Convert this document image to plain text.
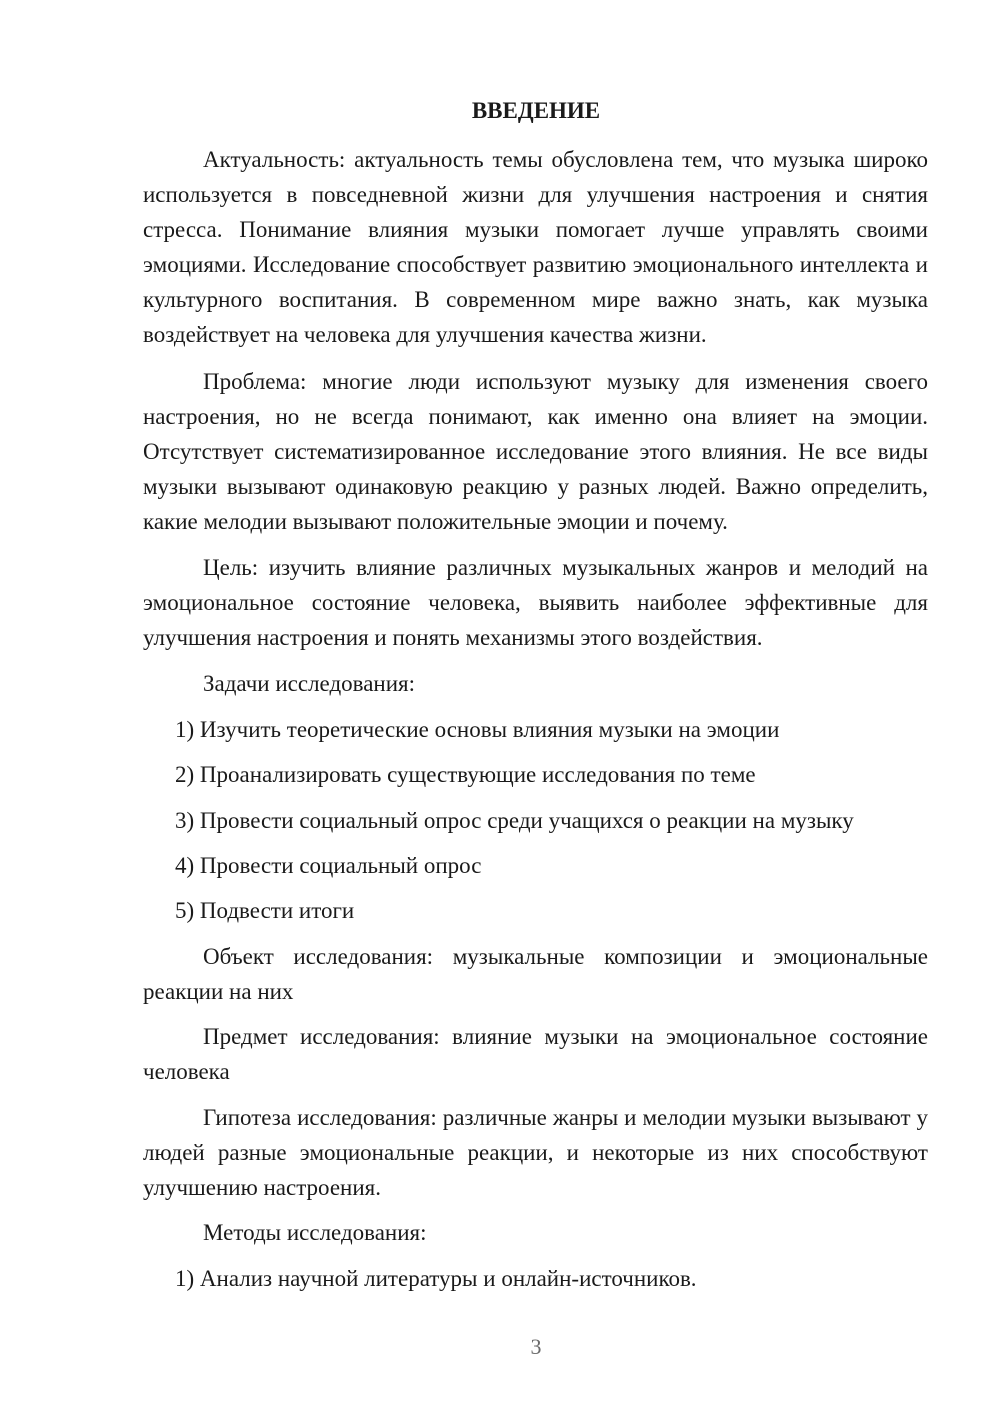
ВВЕДЕНИЕ

Актуальность: актуальность темы обусловлена тем, что музыка широко используется в повседневной жизни для улучшения настроения и снятия стресса. Понимание влияния музыки помогает лучше управлять своими эмоциями. Исследование способствует развитию эмоционального интеллекта и культурного воспитания. В современном мире важно знать, как музыка воздействует на человека для улучшения качества жизни.

Проблема: многие люди используют музыку для изменения своего настроения, но не всегда понимают, как именно она влияет на эмоции. Отсутствует систематизированное исследование этого влияния. Не все виды музыки вызывают одинаковую реакцию у разных людей. Важно определить, какие мелодии вызывают положительные эмоции и почему.

Цель: изучить влияние различных музыкальных жанров и мелодий на эмоциональное состояние человека, выявить наиболее эффективные для улучшения настроения и понять механизмы этого воздействия.

Задачи исследования:

1) Изучить теоретические основы влияния музыки на эмоции

2) Проанализировать существующие исследования по теме

3) Провести социальный опрос среди учащихся о реакции на музыку

4) Провести социальный опрос

5) Подвести итоги

Объект исследования: музыкальные композиции и эмоциональные реакции на них

Предмет исследования: влияние музыки на эмоциональное состояние человека

Гипотеза исследования: различные жанры и мелодии музыки вызывают у людей разные эмоциональные реакции, и некоторые из них способствуют улучшению настроения.

Методы исследования:

1) Анализ научной литературы и онлайн-источников.

3
